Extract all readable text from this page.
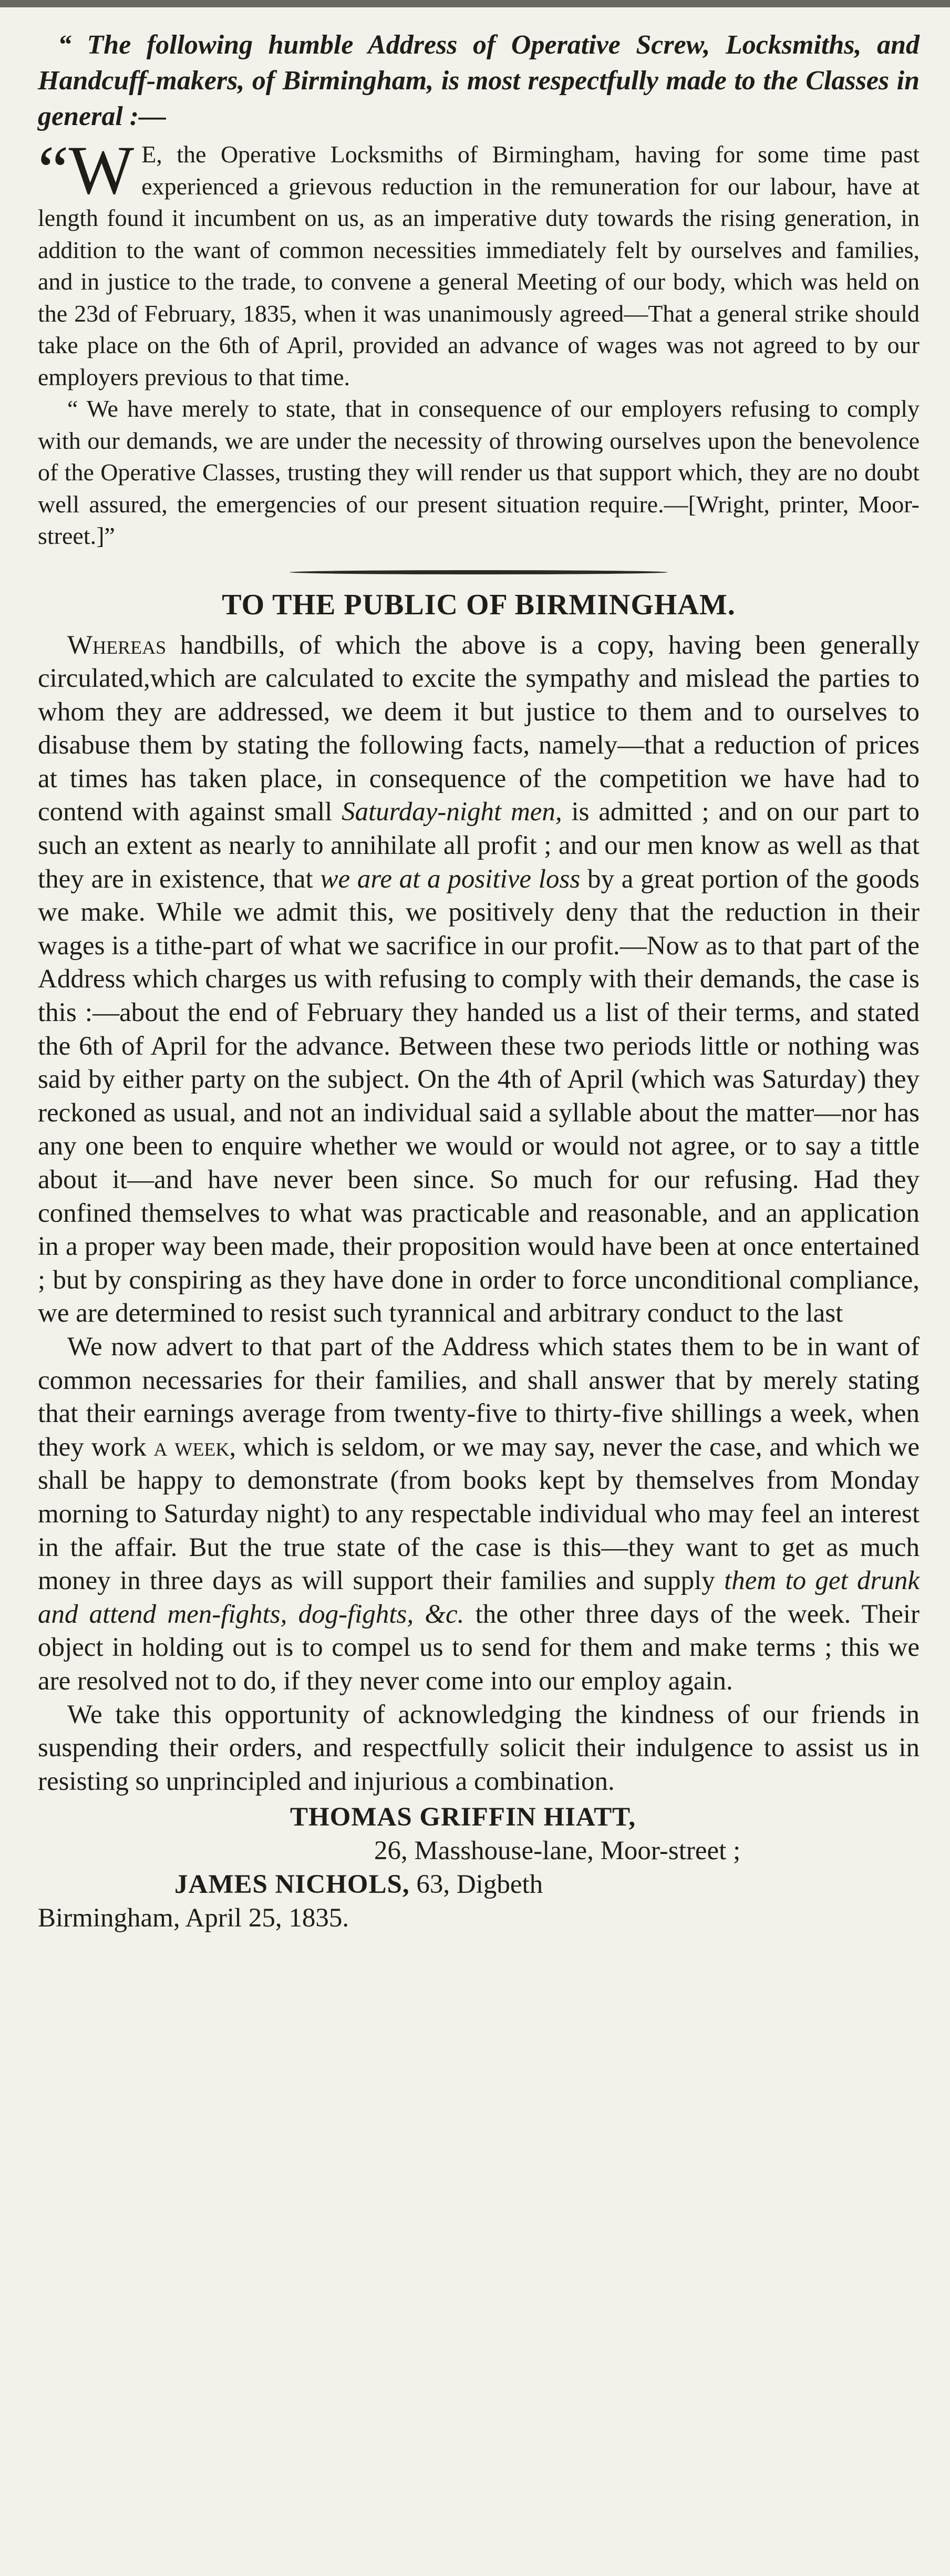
“ The following humble Address of Operative Screw, Locksmiths, and Handcuff-makers, of Birmingham, is most respectfully made to the Classes in general :—

“W E, the Operative Locksmiths of Birmingham, having for some time past experienced a grievous reduction in the remuneration for our labour, have at length found it incumbent on us, as an imperative duty towards the rising generation, in addition to the want of common necessities immediately felt by ourselves and families, and in justice to the trade, to convene a general Meeting of our body, which was held on the 23d of February, 1835, when it was unanimously agreed—That a general strike should take place on the 6th of April, provided an advance of wages was not agreed to by our employers previous to that time.

“ We have merely to state, that in consequence of our employers refusing to comply with our demands, we are under the necessity of throwing ourselves upon the benevolence of the Operative Classes, trusting they will render us that support which, they are no doubt well assured, the emergencies of our present situation require.—[Wright, printer, Moor-street.]”

TO THE PUBLIC OF BIRMINGHAM.

Whereas handbills, of which the above is a copy, having been generally circulated,which are calculated to excite the sympathy and mislead the parties to whom they are addressed, we deem it but justice to them and to ourselves to disabuse them by stating the following facts, namely—that a reduction of prices at times has taken place, in consequence of the competition we have had to contend with against small Saturday-night men, is admitted ; and on our part to such an extent as nearly to annihilate all profit ; and our men know as well as that they are in existence, that we are at a positive loss by a great portion of the goods we make. While we admit this, we positively deny that the reduction in their wages is a tithe-part of what we sacrifice in our profit.—Now as to that part of the Address which charges us with refusing to comply with their demands, the case is this :—about the end of February they handed us a list of their terms, and stated the 6th of April for the advance. Between these two periods little or nothing was said by either party on the subject. On the 4th of April (which was Saturday) they reckoned as usual, and not an individual said a syllable about the matter—nor has any one been to enquire whether we would or would not agree, or to say a tittle about it—and have never been since. So much for our refusing. Had they confined themselves to what was practicable and reasonable, and an application in a proper way been made, their proposition would have been at once entertained ; but by conspiring as they have done in order to force unconditional compliance, we are determined to resist such tyrannical and arbitrary conduct to the last

We now advert to that part of the Address which states them to be in want of common necessaries for their families, and shall answer that by merely stating that their earnings average from twenty-five to thirty-five shillings a week, when they work a week, which is seldom, or we may say, never the case, and which we shall be happy to demonstrate (from books kept by themselves from Monday morning to Saturday night) to any respectable individual who may feel an interest in the affair. But the true state of the case is this—they want to get as much money in three days as will support their families and supply them to get drunk and attend men-fights, dog-fights, &c. the other three days of the week. Their object in holding out is to compel us to send for them and make terms ; this we are resolved not to do, if they never come into our employ again.

We take this opportunity of acknowledging the kindness of our friends in suspending their orders, and respectfully solicit their indulgence to assist us in resisting so unprincipled and injurious a combination.

THOMAS GRIFFIN HIATT,
26, Masshouse-lane, Moor-street ;
JAMES NICHOLS, 63, Digbeth
Birmingham, April 25, 1835.
